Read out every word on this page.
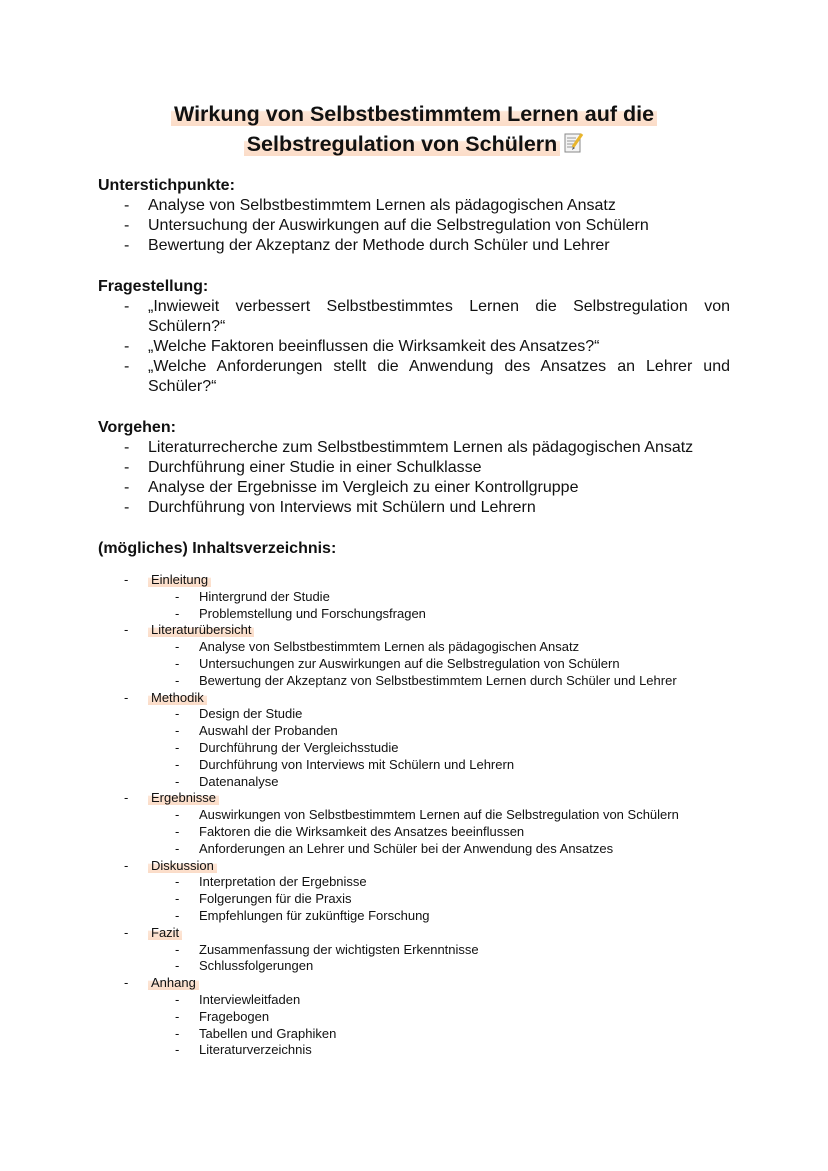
Wirkung von Selbstbestimmtem Lernen auf die
Selbstregulation von Schülern
Unterstichpunkte:
- Analyse von Selbstbestimmtem Lernen als pädagogischen Ansatz
- Untersuchung der Auswirkungen auf die Selbstregulation von Schülern
- Bewertung der Akzeptanz der Methode durch Schüler und Lehrer
Fragestellung:
- „Inwieweit verbessert Selbstbestimmtes Lernen die Selbstregulation von Schülern?“
- „Welche Faktoren beeinflussen die Wirksamkeit des Ansatzes?“
- „Welche Anforderungen stellt die Anwendung des Ansatzes an Lehrer und Schüler?“
Vorgehen:
- Literaturrecherche zum Selbstbestimmtem Lernen als pädagogischen Ansatz
- Durchführung einer Studie in einer Schulklasse
- Analyse der Ergebnisse im Vergleich zu einer Kontrollgruppe
- Durchführung von Interviews mit Schülern und Lehrern
(mögliches) Inhaltsverzeichnis:
- Einleitung
- Hintergrund der Studie
- Problemstellung und Forschungsfragen
- Literaturübersicht
- Analyse von Selbstbestimmtem Lernen als pädagogischen Ansatz
- Untersuchungen zur Auswirkungen auf die Selbstregulation von Schülern
- Bewertung der Akzeptanz von Selbstbestimmtem Lernen durch Schüler und Lehrer
- Methodik
- Design der Studie
- Auswahl der Probanden
- Durchführung der Vergleichsstudie
- Durchführung von Interviews mit Schülern und Lehrern
- Datenanalyse
- Ergebnisse
- Auswirkungen von Selbstbestimmtem Lernen auf die Selbstregulation von Schülern
- Faktoren die die Wirksamkeit des Ansatzes beeinflussen
- Anforderungen an Lehrer und Schüler bei der Anwendung des Ansatzes
- Diskussion
- Interpretation der Ergebnisse
- Folgerungen für die Praxis
- Empfehlungen für zukünftige Forschung
- Fazit
- Zusammenfassung der wichtigsten Erkenntnisse
- Schlussfolgerungen
- Anhang
- Interviewleitfaden
- Fragebogen
- Tabellen und Graphiken
- Literaturverzeichnis
